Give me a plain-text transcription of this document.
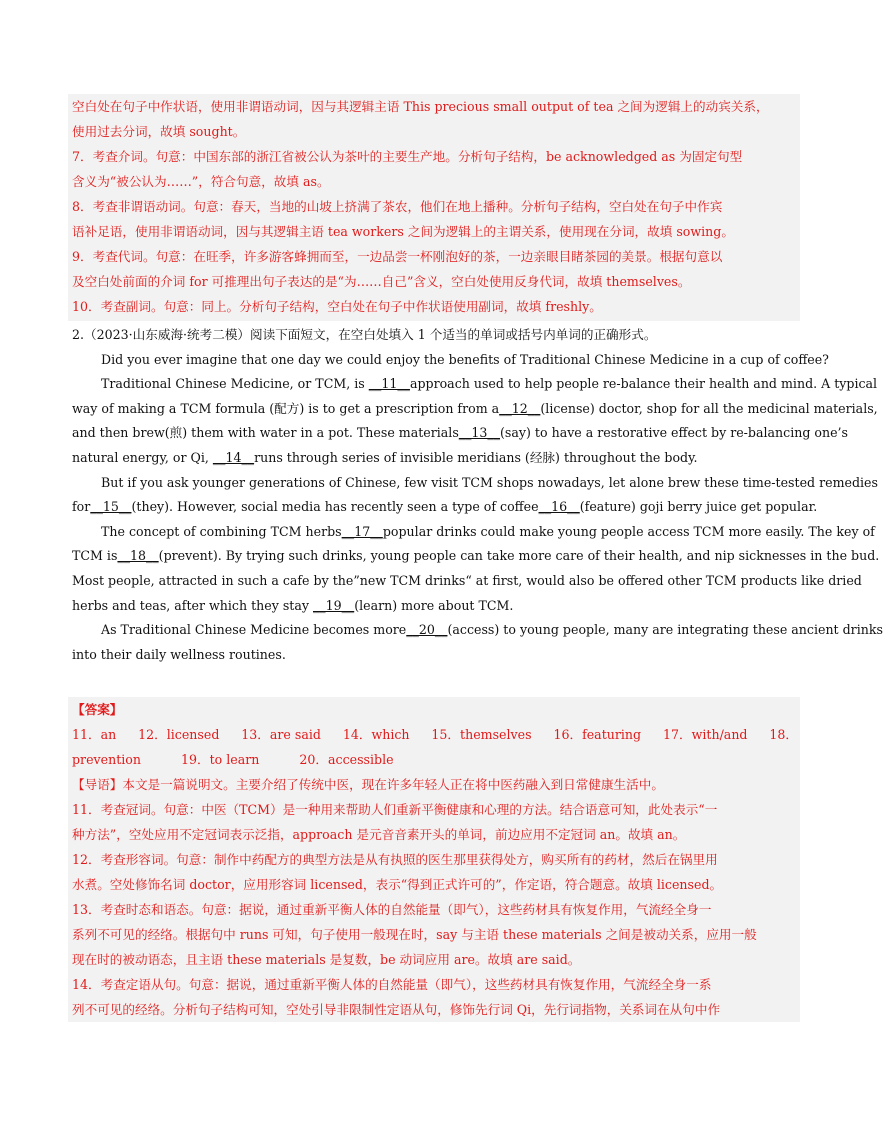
空白处在句子中作状语，使用非谓语动词，因与其逻辑主语 This precious small output of tea 之间为逻辑上的动宾关系，
使用过去分词，故填 sought。
7．考查介词。句意：中国东部的浙江省被公认为茶叶的主要生产地。分析句子结构，be acknowledged as 为固定句型
含义为“被公认为……”，符合句意，故填 as。
8．考查非谓语动词。句意：春天，当地的山坡上挤满了茶农，他们在地上播种。分析句子结构，空白处在句子中作宾
语补足语，使用非谓语动词，因与其逻辑主语 tea workers 之间为逻辑上的主谓关系，使用现在分词，故填 sowing。
9．考查代词。句意：在旺季，许多游客蜂拥而至，一边品尝一杯刚泡好的茶，一边亲眼目睹茶园的美景。根据句意以
及空白处前面的介词 for 可推理出句子表达的是“为……自己”含义，空白处使用反身代词，故填 themselves。
10．考查副词。句意：同上。分析句子结构，空白处在句子中作状语使用副词，故填 freshly。
2.（2023·山东威海·统考二模）阅读下面短文，在空白处填入 1 个适当的单词或括号内单词的正确形式。
Did you ever imagine that one day we could enjoy the benefits of Traditional Chinese Medicine in a cup of coffee?
Traditional Chinese Medicine, or TCM, is __11__approach used to help people re-balance their health and mind. A typical
way of making a TCM formula (配方) is to get a prescription from a__12__(license) doctor, shop for all the medicinal materials,
and then brew(煎) them with water in a pot. These materials__13__(say) to have a restorative effect by re-balancing one’s
natural energy, or Qi, __14__runs through series of invisible meridians (经脉) throughout the body.
But if you ask younger generations of Chinese, few visit TCM shops nowadays, let alone brew these time-tested remedies
for__15__(they). However, social media has recently seen a type of coffee__16__(feature) goji berry juice get popular.
The concept of combining TCM herbs__17__popular drinks could make young people access TCM more easily. The key of
TCM is__18__(prevent). By trying such drinks, young people can take more care of their health, and nip sicknesses in the bud.
Most people, attracted in such a cafe by the”new TCM drinks“ at first, would also be offered other TCM products like dried
herbs and teas, after which they stay __19__(learn) more about TCM.
As Traditional Chinese Medicine becomes more__20__(access) to young people, many are integrating these ancient drinks
into their daily wellness routines.
【答案】
11．an 12．licensed 13．are said 14．which 15．themselves 16．featuring 17．with/and 18．
prevention	19．to learn	20．accessible
【导语】本文是一篇说明文。主要介绍了传统中医，现在许多年轻人正在将中医药融入到日常健康生活中。
11．考查冠词。句意：中医（TCM）是一种用来帮助人们重新平衡健康和心理的方法。结合语意可知，此处表示“一
种方法”，空处应用不定冠词表示泛指，approach 是元音音素开头的单词，前边应用不定冠词 an。故填 an。
12．考查形容词。句意：制作中药配方的典型方法是从有执照的医生那里获得处方，购买所有的药材，然后在锅里用
水煮。空处修饰名词 doctor，应用形容词 licensed，表示“得到正式许可的”，作定语，符合题意。故填 licensed。
13．考查时态和语态。句意：据说，通过重新平衡人体的自然能量（即气），这些药材具有恢复作用，气流经全身一
系列不可见的经络。根据句中 runs 可知，句子使用一般现在时，say 与主语 these materials 之间是被动关系，应用一般
现在时的被动语态，且主语 these materials 是复数，be 动词应用 are。故填 are said。
14．考查定语从句。句意：据说，通过重新平衡人体的自然能量（即气），这些药材具有恢复作用，气流经全身一系
列不可见的经络。分析句子结构可知，空处引导非限制性定语从句，修饰先行词 Qi，先行词指物，关系词在从句中作
